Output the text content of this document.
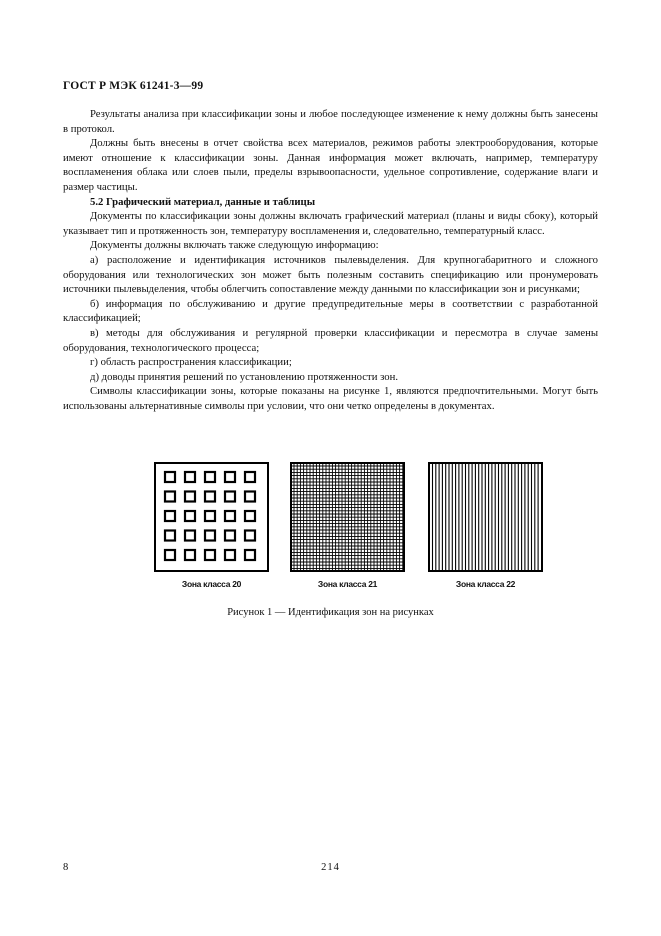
ГОСТ Р МЭК 61241-3—99

Результаты анализа при классификации зоны и любое последующее изменение к нему должны быть занесены в протокол.

Должны быть внесены в отчет свойства всех материалов, режимов работы электрооборудования, которые имеют отношение к классификации зоны. Данная информация может включать, например, температуру воспламенения облака или слоев пыли, пределы взрывоопасности, удельное сопротивление, содержание влаги и размер частицы.

5.2 Графический материал, данные и таблицы

Документы по классификации зоны должны включать графический материал (планы и виды сбоку), который указывает тип и протяженность зон, температуру воспламенения и, следовательно, температурный класс.

Документы должны включать также следующую информацию:

а) расположение и идентификация источников пылевыделения. Для крупногабаритного и сложного оборудования или технологических зон может быть полезным составить спецификацию или пронумеровать источники пылевыделения, чтобы облегчить сопоставление между данными по классификации зон и рисунками;

б) информация по обслуживанию и другие предупредительные меры в соответствии с разработанной классификацией;

в) методы для обслуживания и регулярной проверки классификации и пересмотра в случае замены оборудования, технологического процесса;

г) область распространения классификации;

д) доводы принятия решений по установлению протяженности зон.

Символы классификации зоны, которые показаны на рисунке 1, являются предпочтительными. Могут быть использованы альтернативные символы при условии, что они четко определены в документах.

Зона класса 20	Зона класса 21	Зона класса 22
Рисунок 1 — Идентификация зон на рисунках
8	214
